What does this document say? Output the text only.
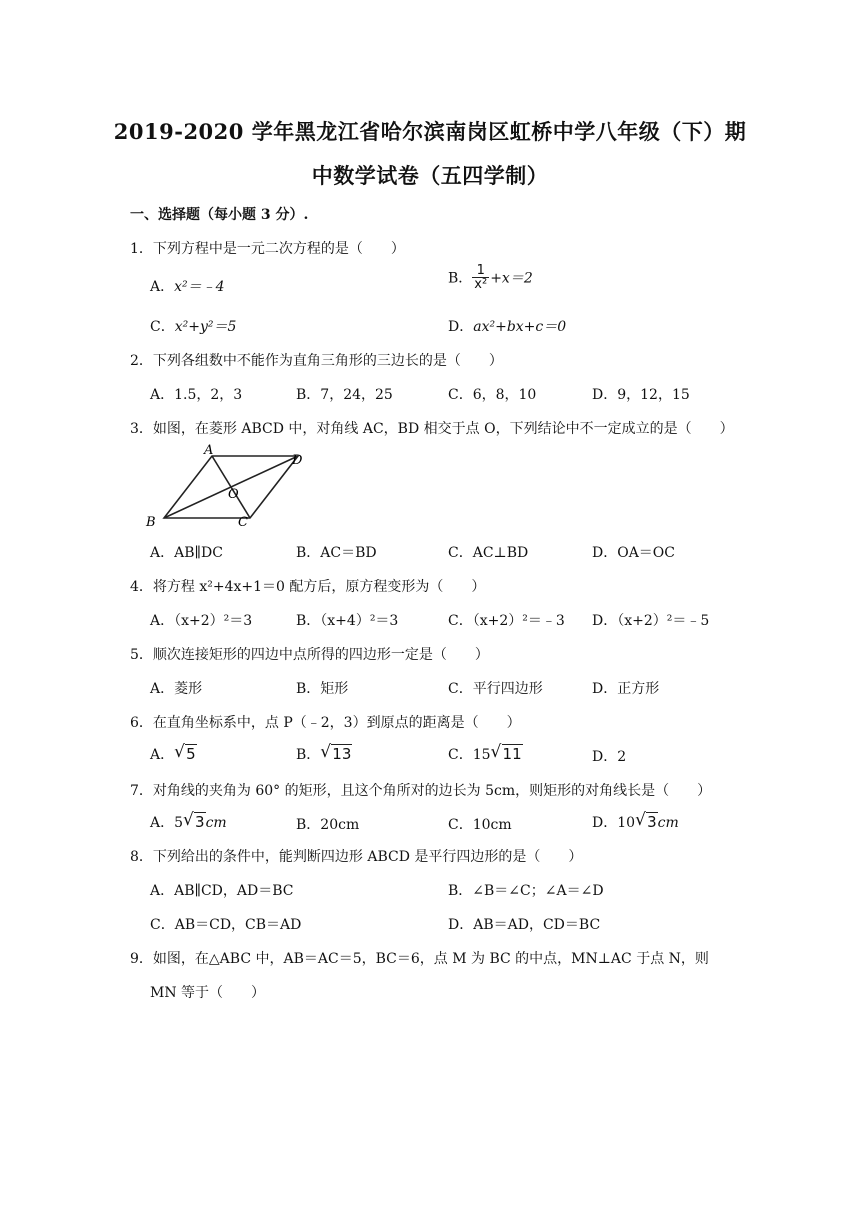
2019-2020 学年黑龙江省哈尔滨南岗区虹桥中学八年级（下）期
中数学试卷（五四学制）
一、选择题（每小题 3 分）.
1．下列方程中是一元二次方程的是（　　）
A．x²＝﹣4
B． $\frac{1}{\text{x²}} +x=2$
C．x²+y²＝5	D．ax²+bx+c＝0
2．下列各组数中不能作为直角三角形的三边长的是（　　）
A．1.5，2，3	B．7，24，25	C．6，8，10	D．9，12，15
3．如图，在菱形 ABCD 中，对角线 AC，BD 相交于点 O，下列结论中不一定成立的是（　　）
A
B	C
D
O
A．AB∥DC	B．AC＝BD	C．AC⊥BD	D．OA＝OC
4．将方程 x²+4x+1＝0 配方后，原方程变形为（　　）
A．（x+2）²＝3	B．（x+4）²＝3	C．（x+2）²＝﹣3 D．（x+2）²＝﹣5
5．顺次连接矩形的四边中点所得的四边形一定是（　　）
A．菱形	B．矩形	C．平行四边形	D．正方形
6．在直角坐标系中，点 P（﹣2，3）到原点的距离是（　　）
A． √ 5	B． √ 13	C．15 √ 11	D．2
7．对角线的夹角为 60° 的矩形，且这个角所对的边长为 5cm，则矩形的对角线长是（　　）
A．5 √ 3cm	B．20cm	C．10cm	D．10 √ 3cm
8．下列给出的条件中，能判断四边形 ABCD 是平行四边形的是（　　）
A．AB∥CD，AD＝BC	B．∠B＝∠C；∠A＝∠D
C．AB＝CD，CB＝AD	D．AB＝AD，CD＝BC
9．如图，在△ABC 中，AB＝AC＝5，BC＝6，点 M 为 BC 的中点，MN⊥AC 于点 N，则
MN 等于（　　）
